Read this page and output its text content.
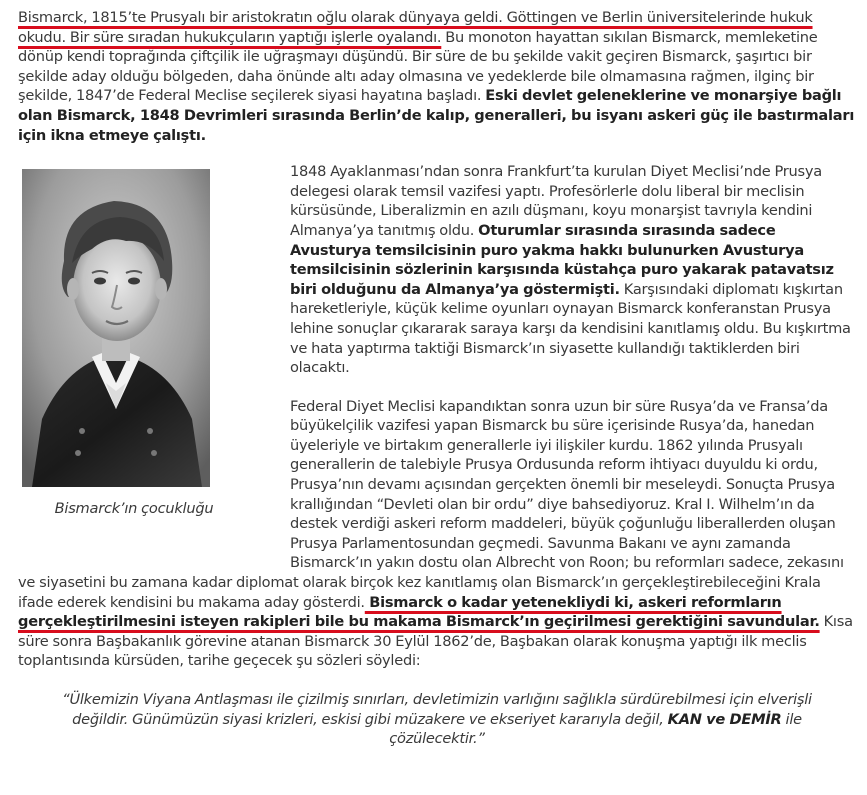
Bismarck, 1815’te Prusyalı bir aristokratın oğlu olarak dünyaya geldi. Göttingen ve Berlin üniversitelerinde hukuk okudu. Bir süre sıradan hukukçuların yaptığı işlerle oyalandı. Bu monoton hayattan sıkılan Bismarck, memleketine dönüp kendi toprağında çiftçilik ile uğraşmayı düşündü. Bir süre de bu şekilde vakit geçiren Bismarck, şaşırtıcı bir şekilde aday olduğu bölgeden, daha önünde altı aday olmasına ve yedeklerde bile olmamasına rağmen, ilginç bir şekilde, 1847’de Federal Meclise seçilerek siyasi hayatına başladı. Eski devlet geleneklerine ve monarşiye bağlı olan Bismarck, 1848 Devrimleri sırasında Berlin’de kalıp, generalleri, bu isyanı askeri güç ile bastırmaları için ikna etmeye çalıştı.

Bismarck’ın çocukluğu

1848 Ayaklanması’ndan sonra Frankfurt’ta kurulan Diyet Meclisi’nde Prusya delegesi olarak temsil vazifesi yaptı. Profesörlerle dolu liberal bir meclisin kürsüsünde, Liberalizmin en azılı düşmanı, koyu monarşist tavrıyla kendini Almanya’ya tanıtmış oldu. Oturumlar sırasında sırasında sadece Avusturya temsilcisinin puro yakma hakkı bulunurken Avusturya temsilcisinin sözlerinin karşısında küstahça puro yakarak patavatsız biri olduğunu da Almanya’ya göstermişti. Karşısındaki diplomatı kışkırtan hareketleriyle, küçük kelime oyunları oynayan Bismarck konferanstan Prusya lehine sonuçlar çıkararak saraya karşı da kendisini kanıtlamış oldu. Bu kışkırtma ve hata yaptırma taktiği Bismarck’ın siyasette kullandığı taktiklerden biri olacaktı.

Federal Diyet Meclisi kapandıktan sonra uzun bir süre Rusya’da ve Fransa’da büyükelçilik vazifesi yapan Bismarck bu süre içerisinde Rusya’da, hanedan üyeleriyle ve birtakım generallerle iyi ilişkiler kurdu. 1862 yılında Prusyalı generallerin de talebiyle Prusya Ordusunda reform ihtiyacı duyuldu ki ordu, Prusya’nın devamı açısından gerçekten önemli bir meseleydi. Sonuçta Prusya krallığından “Devleti olan bir ordu” diye bahsediyoruz. Kral I. Wilhelm’ın da destek verdiği askeri reform maddeleri, büyük çoğunluğu liberallerden oluşan Prusya Parlamentosundan geçmedi. Savunma Bakanı ve aynı zamanda Bismarck’ın yakın dostu olan Albrecht von Roon; bu reformları sadece, zekasını ve siyasetini bu zamana kadar diplomat olarak birçok kez kanıtlamış olan Bismarck’ın gerçekleştirebileceğini Krala ifade ederek kendisini bu makama aday gösterdi. Bismarck o kadar yetenekliydi ki, askeri reformların gerçekleştirilmesini isteyen rakipleri bile bu makama Bismarck’ın geçirilmesi gerektiğini savundular. Kısa süre sonra Başbakanlık görevine atanan Bismarck 30 Eylül 1862’de, Başbakan olarak konuşma yaptığı ilk meclis toplantısında kürsüden, tarihe geçecek şu sözleri söyledi:

“Ülkemizin Viyana Antlaşması ile çizilmiş sınırları, devletimizin varlığını sağlıkla sürdürebilmesi için elverişli değildir. Günümüzün siyasi krizleri, eskisi gibi müzakere ve ekseriyet kararıyla değil, KAN ve DEMİR ile çözülecektir.”
